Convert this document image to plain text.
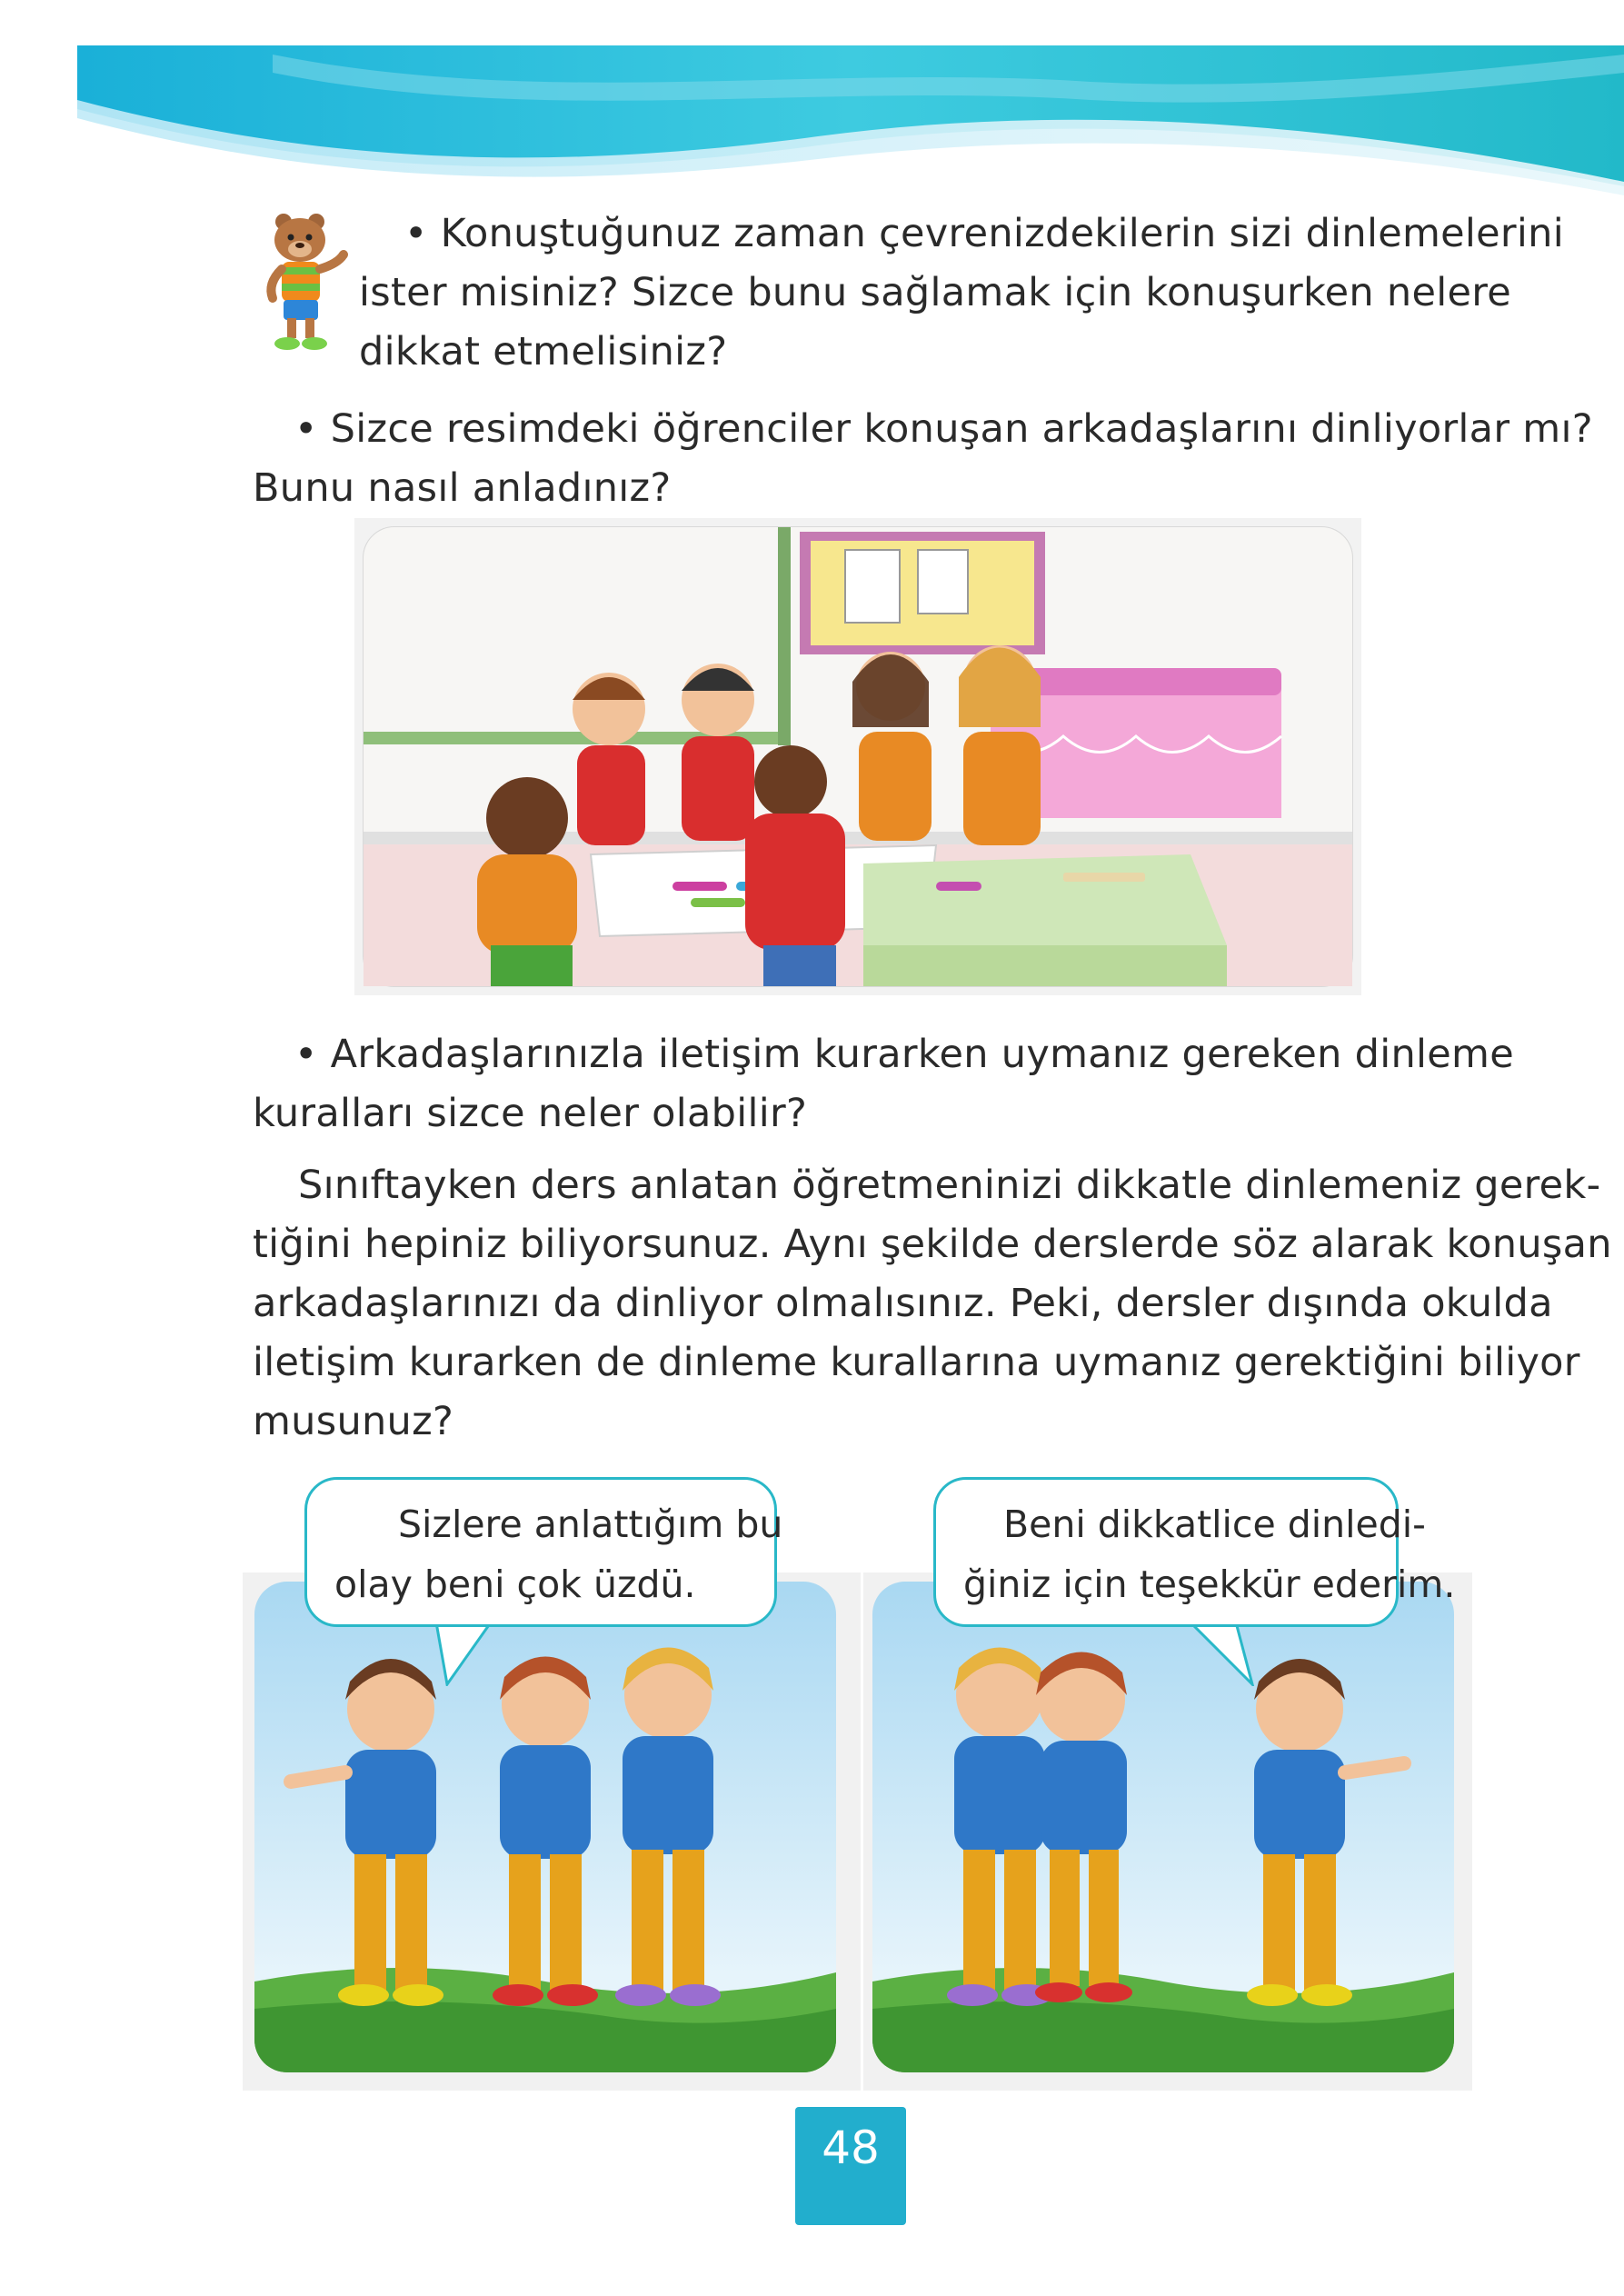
• Konuştuğunuz zaman çevrenizdekilerin sizi dinlemelerini
ister misiniz? Sizce bunu sağlamak için konuşurken nelere
dikkat etmelisiniz?
• Sizce resimdeki öğrenciler konuşan arkadaşlarını dinliyorlar mı?
Bunu nasıl anladınız?
• Arkadaşlarınızla iletişim kurarken uymanız gereken dinleme
kuralları sizce neler olabilir?
Sınıftayken ders anlatan öğretmeninizi dikkatle dinlemeniz gerek-
tiğini hepiniz biliyorsunuz. Aynı şekilde derslerde söz alarak konuşan
arkadaşlarınızı da dinliyor olmalısınız. Peki, dersler dışında okulda
iletişim kurarken de dinleme kurallarına uymanız gerektiğini biliyor
musunuz?
Sizlere anlattığım bu
olay beni çok üzdü.
Beni dikkatlice dinledi-
ğiniz için teşekkür ederim.
48
